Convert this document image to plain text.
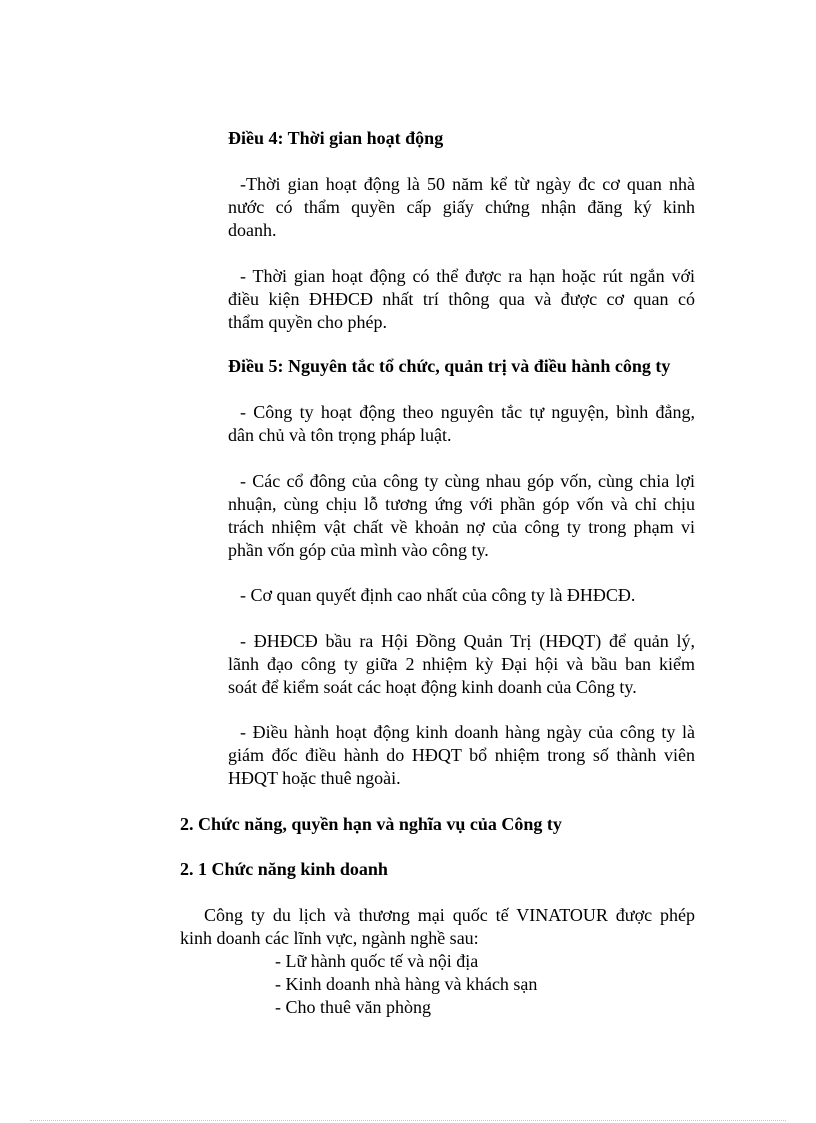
Điều 4: Thời gian hoạt động
-Thời gian hoạt động là 50 năm kể từ ngày đc cơ quan nhà
nước có thẩm quyền cấp giấy chứng nhận đăng ký kinh
doanh.
- Thời gian hoạt động có thể được ra hạn hoặc rút ngắn với
điều kiện ĐHĐCĐ nhất trí thông qua và được cơ quan có
thẩm quyền cho phép.
Điều 5: Nguyên tắc tổ chức, quản trị và điều hành công ty
- Công ty hoạt động theo nguyên tắc tự nguyện, bình đẳng,
dân chủ và tôn trọng pháp luật.
- Các cổ đông của công ty cùng nhau góp vốn, cùng chia lợi
nhuận, cùng chịu lỗ tương ứng với phần góp vốn và chỉ chịu
trách nhiệm vật chất về khoản nợ của công ty trong phạm vi
phần vốn góp của mình vào công ty.
- Cơ quan quyết định cao nhất của công ty là ĐHĐCĐ.
- ĐHĐCĐ bầu ra Hội Đồng Quản Trị (HĐQT) để quản lý,
lãnh đạo công ty giữa 2 nhiệm kỳ Đại hội và bầu ban kiểm
soát để kiểm soát các hoạt động kinh doanh của Công ty.
- Điều hành hoạt động kinh doanh hàng ngày của công ty là
giám đốc điều hành do HĐQT bổ nhiệm trong số thành viên
HĐQT hoặc thuê ngoài.
2. Chức năng, quyền hạn và nghĩa vụ của Công ty
2. 1 Chức năng kinh doanh
Công ty du lịch và thương mại quốc tế VINATOUR được phép
kinh doanh các lĩnh vực, ngành nghề sau:
- Lữ hành quốc tế và nội địa
- Kinh doanh nhà hàng và khách sạn
- Cho thuê văn phòng
